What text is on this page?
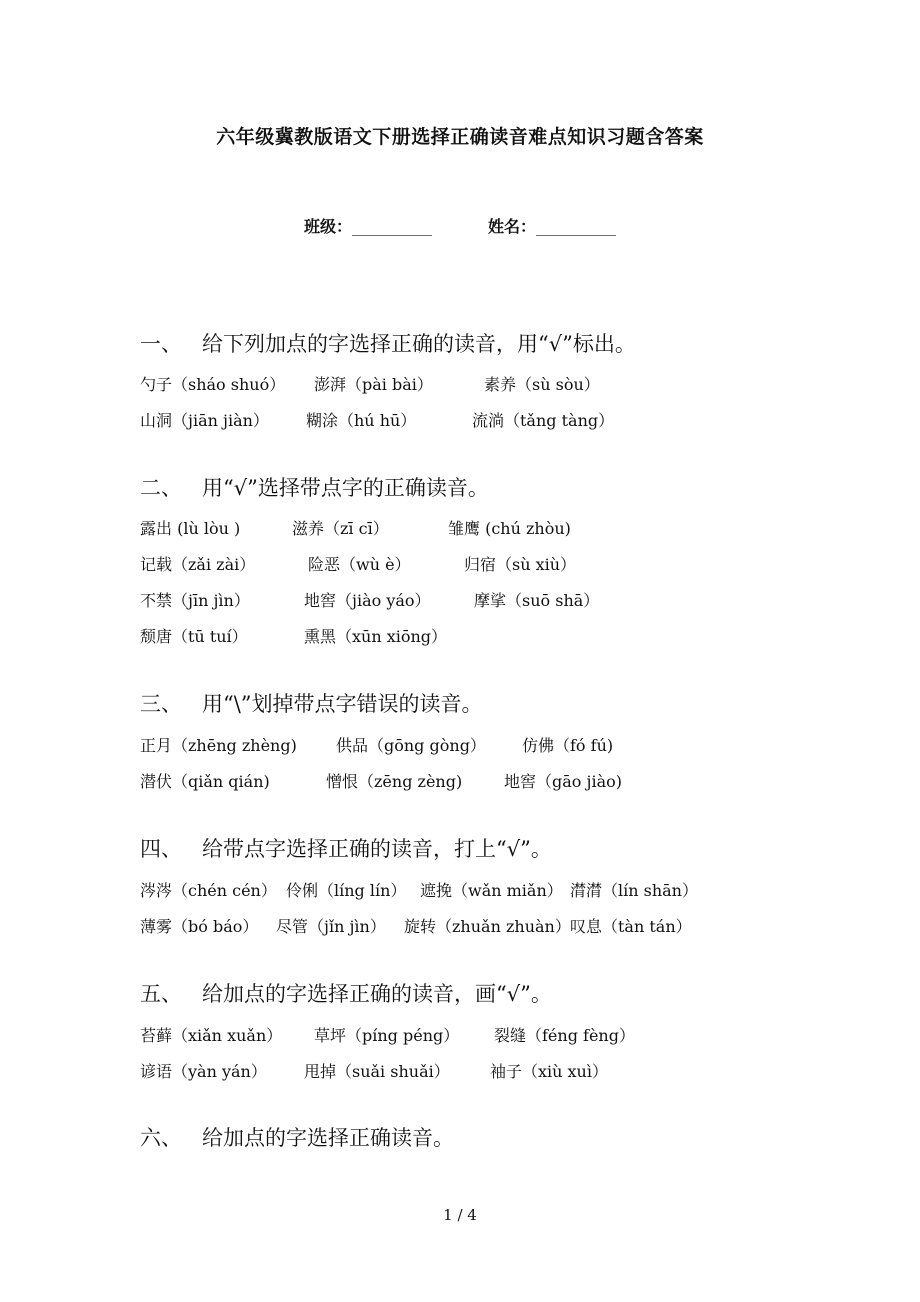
六年级冀教版语文下册选择正确读音难点知识习题含答案
班级：__________	姓名：__________
一、 给下列加点的字选择正确的读音，用“√”标出。
勺子（sháo shuó） 澎湃（pài bài）	素养（sù sòu）
山洞（jiān jiàn） 糊涂（hú hū）	流淌（tǎng tàng）
二、 用“√”选择带点字的正确读音。
露出 (lù lòu )	滋养（zī cī）	雏鹰 (chú zhòu)
记载（zǎi zài）	险恶（wù è）	归宿（sù xiù）
不禁（jīn jìn）	地窖（jiào yáo）	摩挲（suō shā）
颓唐（tū tuí）	熏黑（xūn xiōng）
三、 用“\”划掉带点字错误的读音。
正月（zhēng zhèng) 供品（gōng gòng） 仿佛（fó fú)
潜伏（qiǎn qián)	憎恨（zēng zèng)	地窖（gāo jiào)
四、 给带点字选择正确的读音，打上“√”。
涔涔（chén cén） 伶俐（líng lín） 遮挽（wǎn miǎn） 潸潸（lín shān）
薄雾（bó báo） 尽管（jǐn jìn） 旋转（zhuǎn zhuàn） 叹息（tàn tán）
五、 给加点的字选择正确的读音，画“√”。
苔藓（xiǎn xuǎn） 草坪（píng péng） 裂缝（féng fèng）
谚语（yàn yán） 甩掉（suǎi shuǎi）	袖子（xiù xuì）
六、 给加点的字选择正确读音。
1 / 4
